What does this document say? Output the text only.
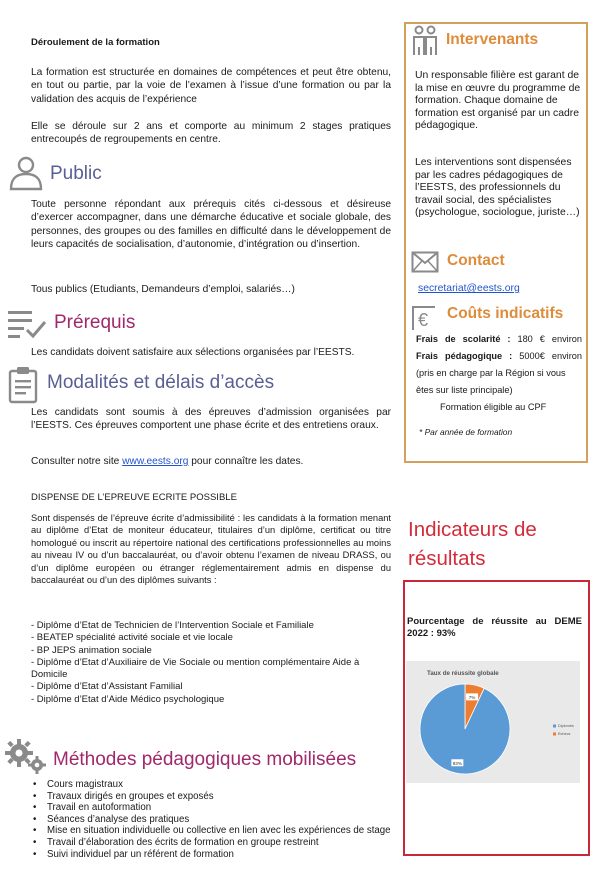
Déroulement de la formation
La formation est structurée en domaines de compétences et peut être obtenu, en tout ou partie, par la voie de l’examen à l’issue d’une formation ou par la validation des acquis de l’expérience
Elle se déroule sur 2 ans et comporte au minimum 2 stages pratiques entrecoupés de regroupements en centre.
Public
Toute personne répondant aux prérequis cités ci-dessous et désireuse d’exercer accompagner, dans une démarche éducative et sociale globale, des personnes, des groupes ou des familles en difficulté dans le développement de leurs capacités de socialisation, d’autonomie, d’intégration ou d’insertion.
Tous publics (Etudiants, Demandeurs d’emploi, salariés…)
Prérequis
Les candidats doivent satisfaire aux sélections organisées par l’EESTS.
Modalités et délais d’accès
Les candidats sont soumis à des épreuves d’admission organisées par l’EESTS. Ces épreuves comportent une phase écrite et des entretiens oraux.
Consulter notre site www.eests.org pour connaître les dates.
DISPENSE DE L’EPREUVE ECRITE POSSIBLE
Sont dispensés de l’épreuve écrite d’admissibilité : les candidats à la formation menant au diplôme d’Etat de moniteur éducateur, titulaires d’un diplôme, certificat ou titre homologué ou inscrit au répertoire national des certifications professionnelles au moins au niveau IV ou d’un baccalauréat, ou d’avoir obtenu l’examen de niveau DRASS, ou d’un diplôme européen ou étranger réglementairement admis en dispense du baccalauréat ou d’un des diplômes suivants :
- Diplôme d’Etat de Technicien de l’Intervention Sociale et Familiale
- BEATEP spécialité activité sociale et vie locale
- BP JEPS animation sociale
- Diplôme d’Etat d’Auxiliaire de Vie Sociale ou mention complémentaire Aide à Domicile
- Diplôme d’Etat d’Assistant Familial
- Diplôme d’Etat d’Aide Médico psychologique
Méthodes pédagogiques mobilisées
• Cours magistraux
• Travaux dirigés en groupes et exposés
• Travail en autoformation
• Séances d’analyse des pratiques
• Mise en situation individuelle ou collective en lien avec les expériences de stage
• Travail d’élaboration des écrits de formation en groupe restreint
• Suivi individuel par un référent de formation
Intervenants
Un responsable filière est garant de la mise en œuvre du programme de formation. Chaque domaine de formation est organisé par un cadre pédagogique.
Les interventions sont dispensées par les cadres pédagogiques de l’EESTS, des professionnels du travail social, des spécialistes (psychologue, sociologue, juriste…)
Contact
secretariat@eests.org
€ Coûts indicatifs
Frais de scolarité : 180 € environ
Frais pédagogique : 5000€ environ
(pris en charge par la Région si vous êtes sur liste principale)
Formation éligible au CPF
* Par année de formation
Indicateurs de résultats
Pourcentage de réussite au DEME 2022 : 93%
Taux de réussite globale
7%
93%
Diplomés
Echecs
